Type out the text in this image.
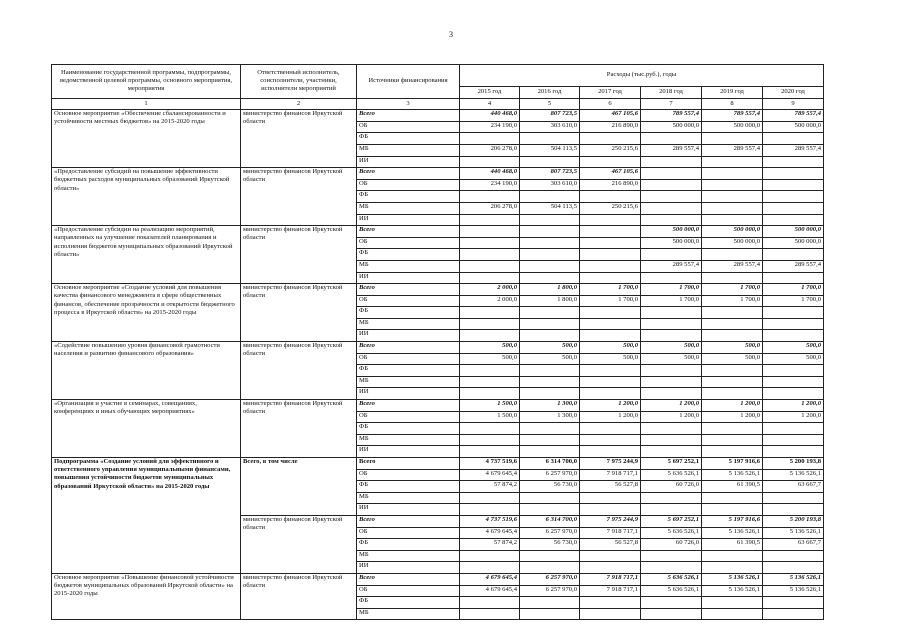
3
Наименование государственной программы, подпрограммы, ведомственной целевой программы, основного мероприятия, мероприятия	Ответственный исполнитель, соисполнители, участники, исполнители мероприятий	Источники финансирования	Расходы (тыс.руб.), годы					
			2015 год	2016 год	2017 год	2018 год	2019 год	2020 год
1	2	3	4	5	6	7	8	9
Основное мероприятие «Обеспечение сбалансированности и устойчивости местных бюджетов» на 2015-2020 годы	министерство финансов Иркутской области	Всего	440 468,0	807 723,5	467 105,6	789 557,4	789 557,4	789 557,4
		ОБ	234 190,0	303 610,0	216 890,0	500 000,0	500 000,0	500 000,0
		ФБ						
		МБ	206 278,0	504 113,5	250 215,6	289 557,4	289 557,4	289 557,4
		ИИ						
«Предоставление субсидий на повышение эффективности бюджетных расходов муниципальных образований Иркутской области»	министерство финансов Иркутской области	Всего	440 468,0	807 723,5	467 105,6			
		ОБ	234 190,0	303 610,0	216 890,0			
		ФБ						
		МБ	206 278,0	504 113,5	250 215,6			
		ИИ						
«Предоставление субсидии на реализацию мероприятий, направленных на улучшение показателей планирования и исполнения бюджетов муниципальных образований Иркутской области»	министерство финансов Иркутской области	Всего				500 000,0	500 000,0	500 000,0
		ОБ				500 000,0	500 000,0	500 000,0
		ФБ						
		МБ				289 557,4	289 557,4	289 557,4
		ИИ						
Основное мероприятие «Создание условий для повышения качества финансового менеджмента в сфере общественных финансов, обеспечение прозрачности и открытости бюджетного процесса в Иркутской области» на 2015-2020 годы	министерство финансов Иркутской области	Всего	2 000,0	1 800,0	1 700,0	1 700,0	1 700,0	1 700,0
		ОБ	2 000,0	1 800,0	1 700,0	1 700,0	1 700,0	1 700,0
		ФБ						
		МБ						
		ИИ						
«Содействие повышению уровня финансовой грамотности населения и развитию финансового образования»	министерство финансов Иркутской области	Всего	500,0	500,0	500,0	500,0	500,0	500,0
		ОБ	500,0	500,0	500,0	500,0	500,0	500,0
		ФБ						
		МБ						
		ИИ						
«Организация и участие в семинарах, совещаниях, конференциях и иных обучающих мероприятиях»	министерство финансов Иркутской области	Всего	1 500,0	1 300,0	1 200,0	1 200,0	1 200,0	1 200,0
		ОБ	1 500,0	1 300,0	1 200,0	1 200,0	1 200,0	1 200,0
		ФБ						
		МБ						
		ИИ						
Подпрограмма «Создание условий для эффективного и ответственного управления муниципальными финансами, повышения устойчивости бюджетов муниципальных образований Иркутской области» на 2015-2020 годы	Всего, в том числе	Всего	4 737 519,6	6 314 700,0	7 975 244,9	5 697 252,1	5 197 916,6	5 200 193,8
		ОБ	4 679 645,4	6 257 970,0	7 918 717,1	5 636 526,1	5 136 526,1	5 136 526,1
		ФБ	57 874,2	56 730,0	56 527,8	60 726,0	61 390,5	63 667,7
		МБ						
		ИИ						
	министерство финансов Иркутской области	Всего	4 737 519,6	6 314 700,0	7 975 244,9	5 697 252,1	5 197 916,6	5 200 193,8
		ОБ	4 679 645,4	6 257 970,0	7 918 717,1	5 636 526,1	5 136 526,1	5 136 526,1
		ФБ	57 874,2	56 730,0	56 527,8	60 726,0	61 390,5	63 667,7
		МБ						
		ИИ						
Основное мероприятие «Повышение финансовой устойчивости бюджетов муниципальных образований Иркутской области» на 2015-2020 годы	министерство финансов Иркутской области	Всего	4 679 645,4	6 257 970,0	7 918 717,1	5 636 526,1	5 136 526,1	5 136 526,1
		ОБ	4 679 645,4	6 257 970,0	7 918 717,1	5 636 526,1	5 136 526,1	5 136 526,1
		ФБ						
		МБ						
